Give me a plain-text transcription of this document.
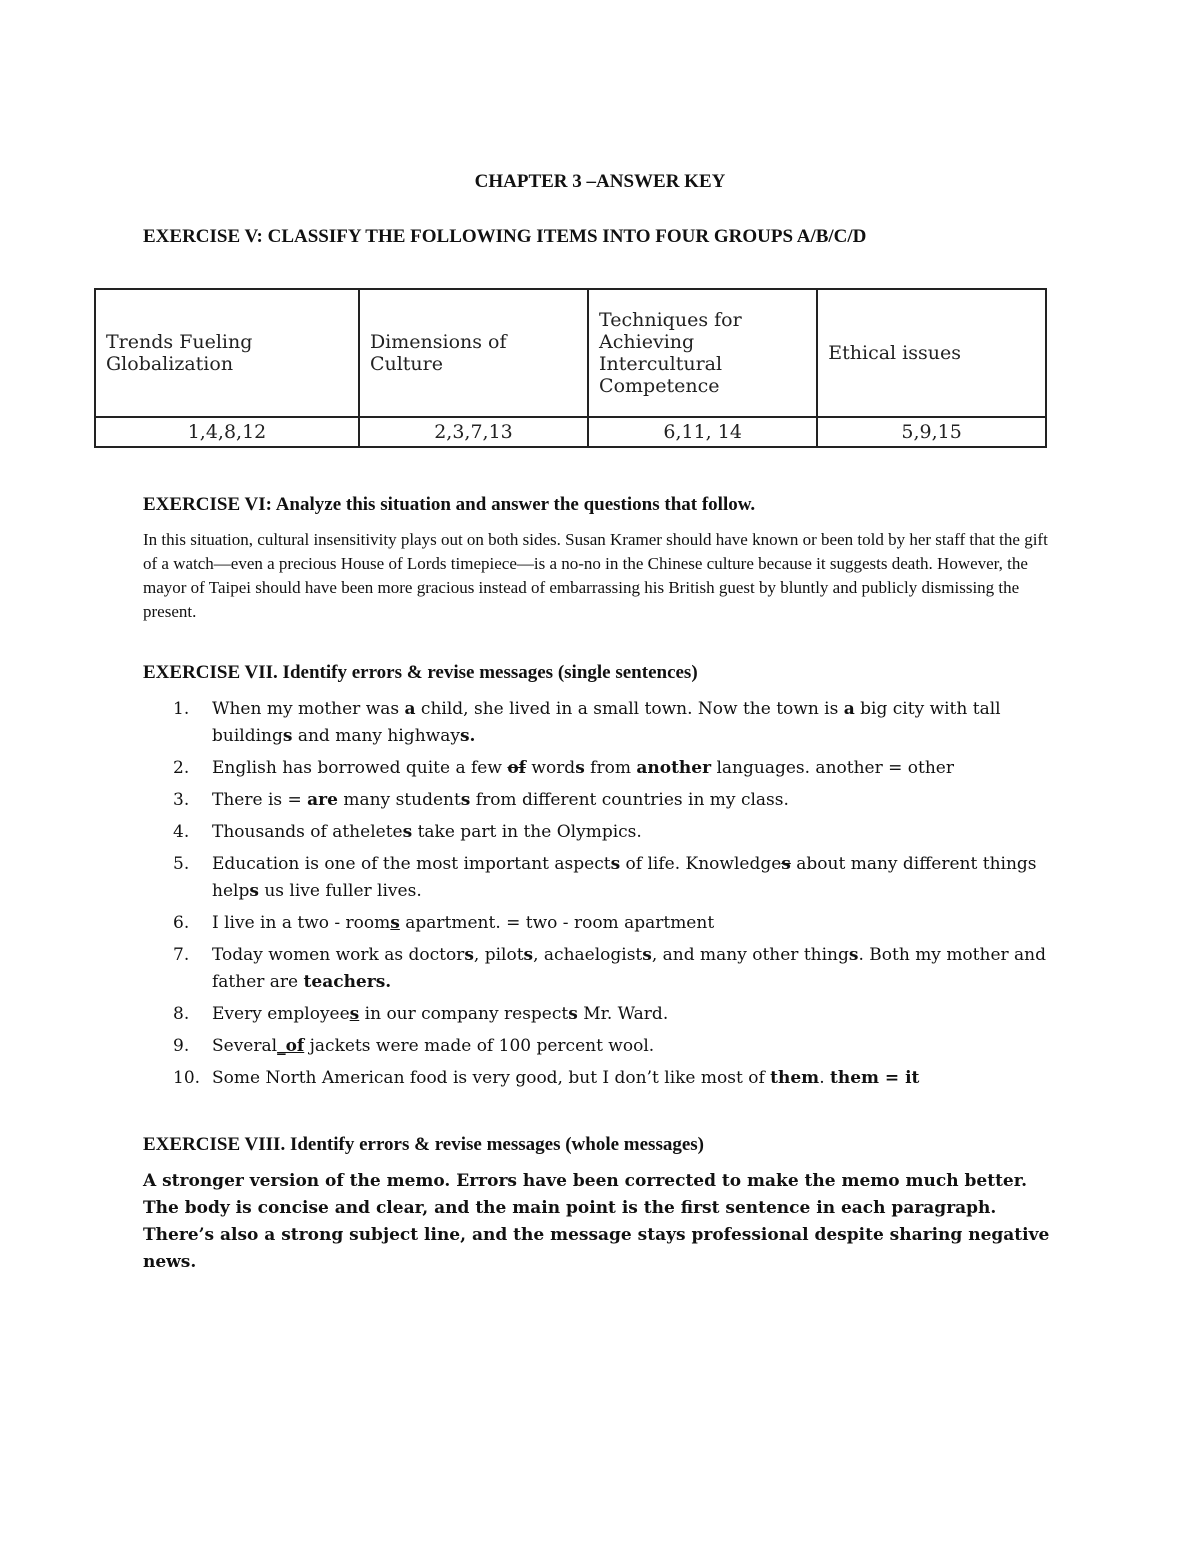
CHAPTER 3 –ANSWER KEY
EXERCISE V: CLASSIFY THE FOLLOWING ITEMS INTO FOUR GROUPS A/B/C/D
Trends Fueling Globalization	Dimensions of Culture	Techniques for Achieving Intercultural Competence	Ethical issues
1,4,8,12	2,3,7,13	6,11, 14	5,9,15
EXERCISE VI: Analyze this situation and answer the questions that follow.
In this situation, cultural insensitivity plays out on both sides. Susan Kramer should have known or been told by her staff that the gift of a watch—even a precious House of Lords timepiece—is a no-no in the Chinese culture because it suggests death. However, the mayor of Taipei should have been more gracious instead of embarrassing his British guest by bluntly and publicly dismissing the present.
EXERCISE VII. Identify errors & revise messages (single sentences)
1. When my mother was a child, she lived in a small town. Now the town is a big city with tall buildings and many highways.
2. English has borrowed quite a few of words from another languages. another = other
3. There is = are many students from different countries in my class.
4. Thousands of atheletes take part in the Olympics.
5. Education is one of the most important aspects of life. Knowledges about many different things helps us live fuller lives.
6. I live in a two - rooms apartment. = two - room apartment
7. Today women work as doctors, pilots, achaelogists, and many other things. Both my mother and father are teachers.
8. Every employees in our company respects Mr. Ward.
9. Several_of jackets were made of 100 percent wool.
10. Some North American food is very good, but I don’t like most of them. them = it
EXERCISE VIII. Identify errors & revise messages (whole messages)
A stronger version of the memo. Errors have been corrected to make the memo much better. The body is concise and clear, and the main point is the first sentence in each paragraph. There’s also a strong subject line, and the message stays professional despite sharing negative news.
